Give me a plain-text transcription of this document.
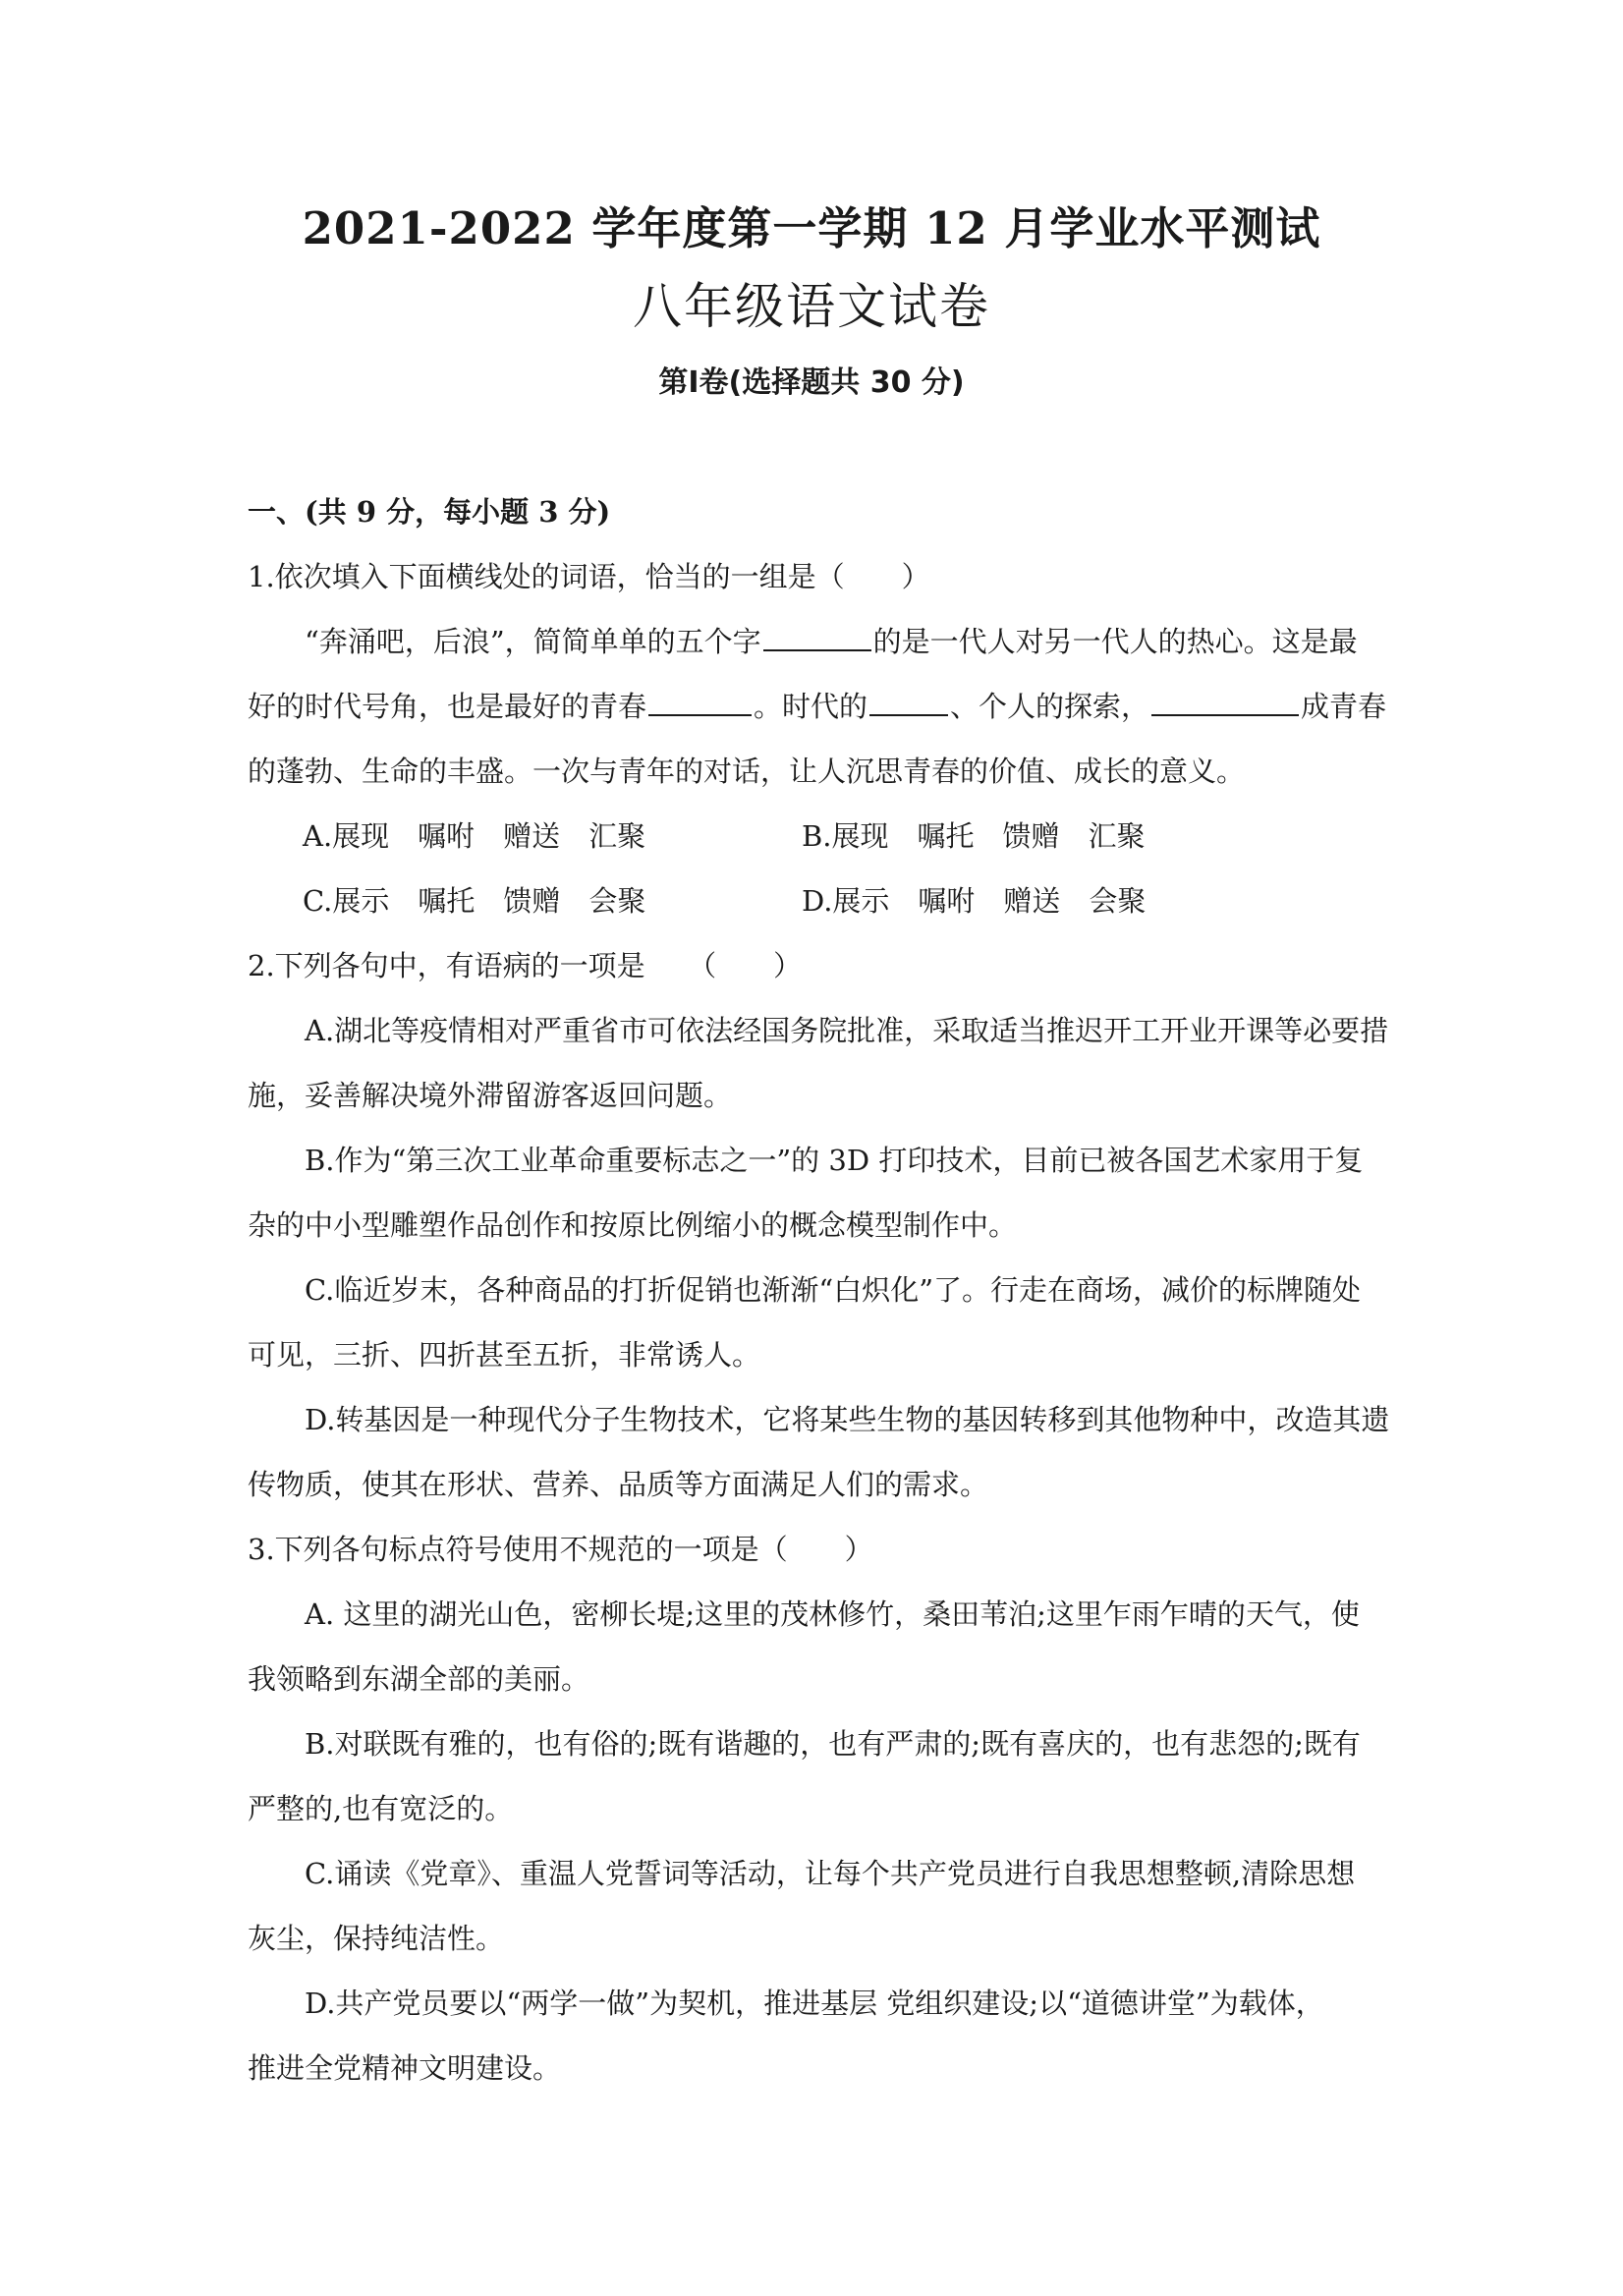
2021-2022 学年度第一学期 12 月学业水平测试
八年级语文试卷
第Ⅰ卷(选择题共 30 分)
一、(共 9 分，每小题 3 分)
1.依次填入下面横线处的词语，恰当的一组是（　　）
“奔涌吧，后浪”，简简单单的五个字	的是一代人对另一代人的热心。这是最
好的时代号角，也是最好的青春	。时代的	、个人的探索，	成青春
的蓬勃、生命的丰盛。一次与青年的对话，让人沉思青春的价值、成长的意义。
A.展现　嘱咐　赠送　汇聚	B.展现　嘱托　馈赠　汇聚
C.展示　嘱托　馈赠　会聚	D.展示　嘱咐　赠送　会聚
2.下列各句中，有语病的一项是　　（　　）
A.湖北等疫情相对严重省市可依法经国务院批准，采取适当推迟开工开业开课等必要措
施，妥善解决境外滞留游客返回问题。
B.作为“第三次工业革命重要标志之一”的 3D 打印技术，目前已被各国艺术家用于复
杂的中小型雕塑作品创作和按原比例缩小的概念模型制作中。
C.临近岁末，各种商品的打折促销也渐渐“白炽化”了。行走在商场，减价的标牌随处
可见，三折、四折甚至五折，非常诱人。
D.转基因是一种现代分子生物技术，它将某些生物的基因转移到其他物种中，改造其遗
传物质，使其在形状、营养、品质等方面满足人们的需求。
3.下列各句标点符号使用不规范的一项是（　　）
A. 这里的湖光山色，密柳长堤;这里的茂林修竹，桑田苇泊;这里乍雨乍晴的天气，使
我领略到东湖全部的美丽。
B.对联既有雅的，也有俗的;既有谐趣的，也有严肃的;既有喜庆的，也有悲怨的;既有
严整的,也有宽泛的。
C.诵读《党章》、重温人党誓词等活动，让每个共产党员进行自我思想整顿,清除思想
灰尘，保持纯洁性。
D.共产党员要以“两学一做”为契机，推进基层 党组织建设;以“道德讲堂”为载体，
推进全党精神文明建设。
